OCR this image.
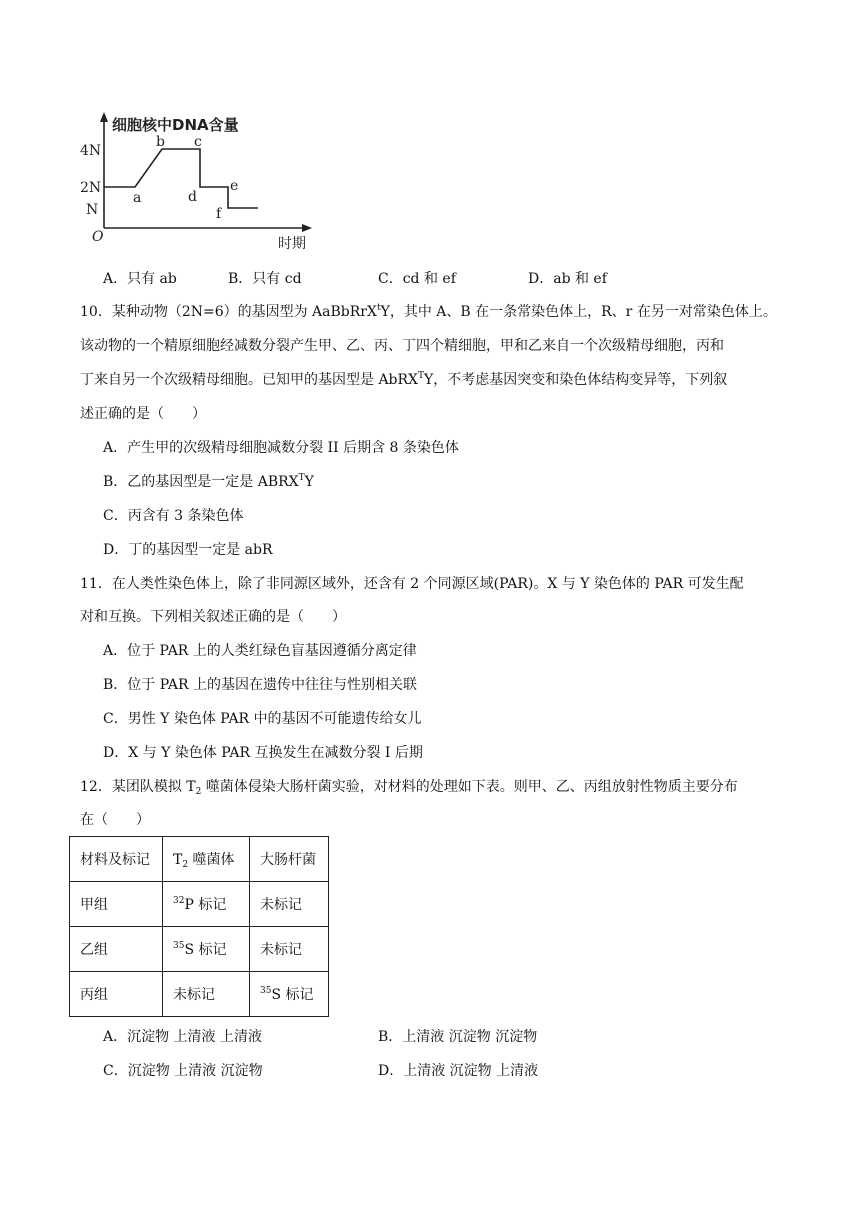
细胞核中DNA含量
时期
O
4N
2N
N
a
b c
d
e
f
A．只有 ab	B．只有 cd	C．cd 和 ef	D．ab 和 ef
10．某种动物（2N=6）的基因型为 AaBbRrX$^t$Y，其中 A、B 在一条常染色体上，R、r 在另一对常染色体上。
该动物的一个精原细胞经减数分裂产生甲、乙、丙、丁四个精细胞，甲和乙来自一个次级精母细胞，丙和
丁来自另一个次级精母细胞。已知甲的基因型是 AbRX$^T$Y，不考虑基因突变和染色体结构变异等，下列叙
述正确的是（　　）
A．产生甲的次级精母细胞减数分裂 II 后期含 8 条染色体
B．乙的基因型是一定是 $ABRX^TY$
C．丙含有 3 条染色体
D．丁的基因型一定是 abR
11．在人类性染色体上，除了非同源区域外，还含有 2 个同源区域(PAR)。X 与 Y 染色体的 PAR 可发生配
对和互换。下列相关叙述正确的是（　　）
A．位于 PAR 上的人类红绿色盲基因遵循分离定律
B．位于 PAR 上的基因在遗传中往往与性别相关联
C．男性 Y 染色体 PAR 中的基因不可能遗传给女儿
D．X 与 Y 染色体 PAR 互换发生在减数分裂 I 后期
12．某团队模拟 $T_2$ 噬菌体侵染大肠杆菌实验，对材料的处理如下表。则甲、乙、丙组放射性物质主要分布
在（　　）
材料及标记	$T_2$ 噬菌体	大肠杆菌
甲组	$^{32}$P 标记	未标记
乙组	$^{35}$S 标记	未标记
丙组	未标记	$^{35}$S 标记
A．沉淀物 上清液 上清液	B．上清液 沉淀物 沉淀物
C．沉淀物 上清液 沉淀物	D．上清液 沉淀物 上清液
